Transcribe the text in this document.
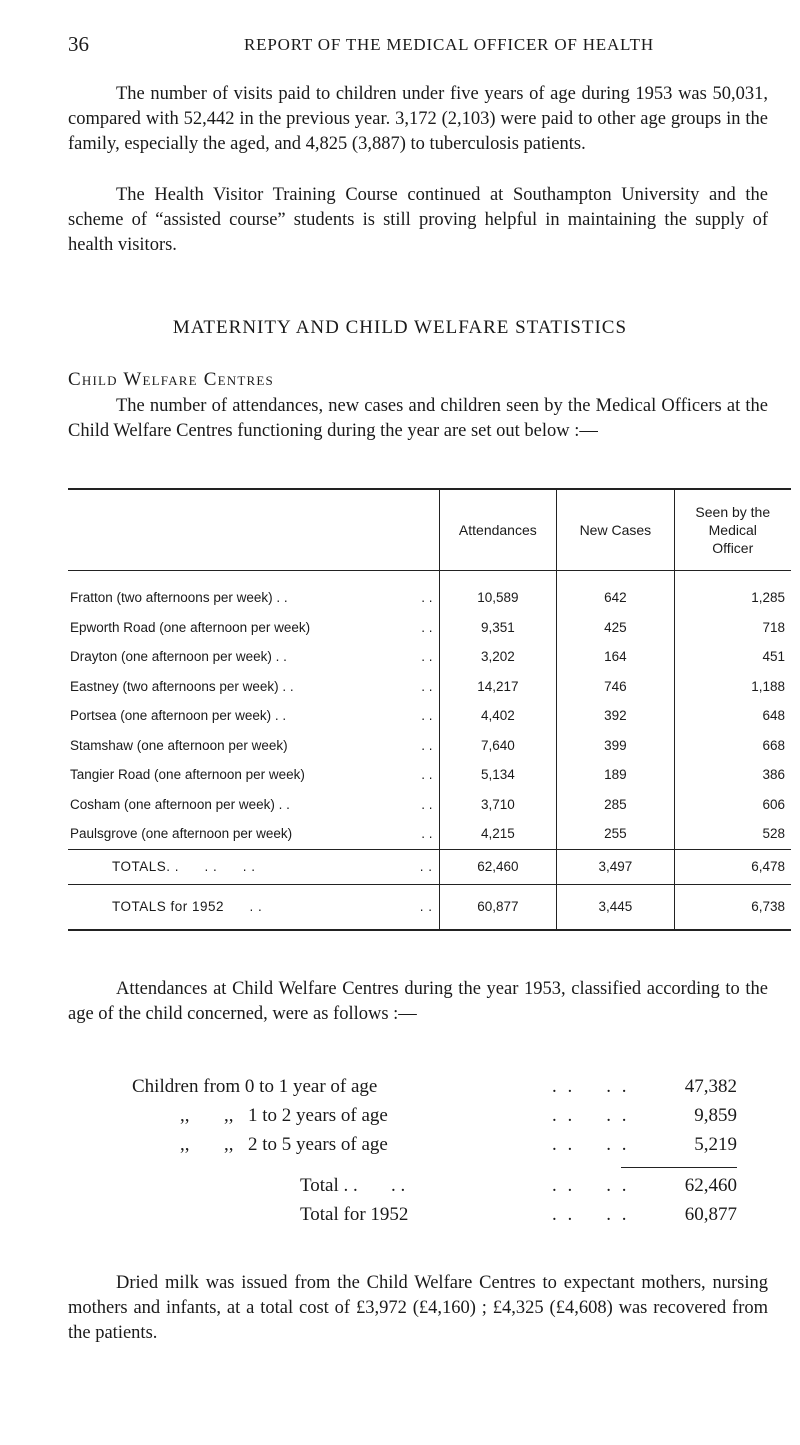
36	REPORT OF THE MEDICAL OFFICER OF HEALTH

The number of visits paid to children under five years of age during 1953 was 50,031, compared with 52,442 in the previous year. 3,172 (2,103) were paid to other age groups in the family, especially the aged, and 4,825 (3,887) to tuberculosis patients.

The Health Visitor Training Course continued at Southampton University and the scheme of “assisted course” students is still proving helpful in maintaining the supply of health visitors.

MATERNITY AND CHILD WELFARE STATISTICS
Child Welfare Centres

The number of attendances, new cases and children seen by the Medical Officers at the Child Welfare Centres functioning during the year are set out below :—

	Attendances	New Cases	Seen by the
Medical
Officer
Fratton (two afternoons per week) . . . .	10,589	642	1,285
Epworth Road (one afternoon per week) . .	9,351	425	718
Drayton (one afternoon per week) . . . .	3,202	164	451
Eastney (two afternoons per week) . . . .	14,217	746	1,188
Portsea (one afternoon per week) . . . .	4,402	392	648
Stamshaw (one afternoon per week) . .	7,640	399	668
Tangier Road (one afternoon per week) . .	5,134	189	386
Cosham (one afternoon per week) . . . .	3,710	285	606
Paulsgrove (one afternoon per week) . .	4,215	255	528
TOTALS. .      . .      . . . .	62,460	3,497	6,478
TOTALS for 1952      . . . .	60,877	3,445	6,738

Attendances at Child Welfare Centres during the year 1953, classified according to the age of the child concerned, were as follows :—

Children from 0 to 1 year of age	. .    . .	47,382
,, ,, 1 to 2 years of age	. .    . .	9,859
,, ,, 2 to 5 years of age	. .    . .	5,219
Total . .       . .	. .    . .	62,460
Total for 1952	. .    . .	60,877

Dried milk was issued from the Child Welfare Centres to expectant mothers, nursing mothers and infants, at a total cost of £3,972 (£4,160) ; £4,325 (£4,608) was recovered from the patients.
